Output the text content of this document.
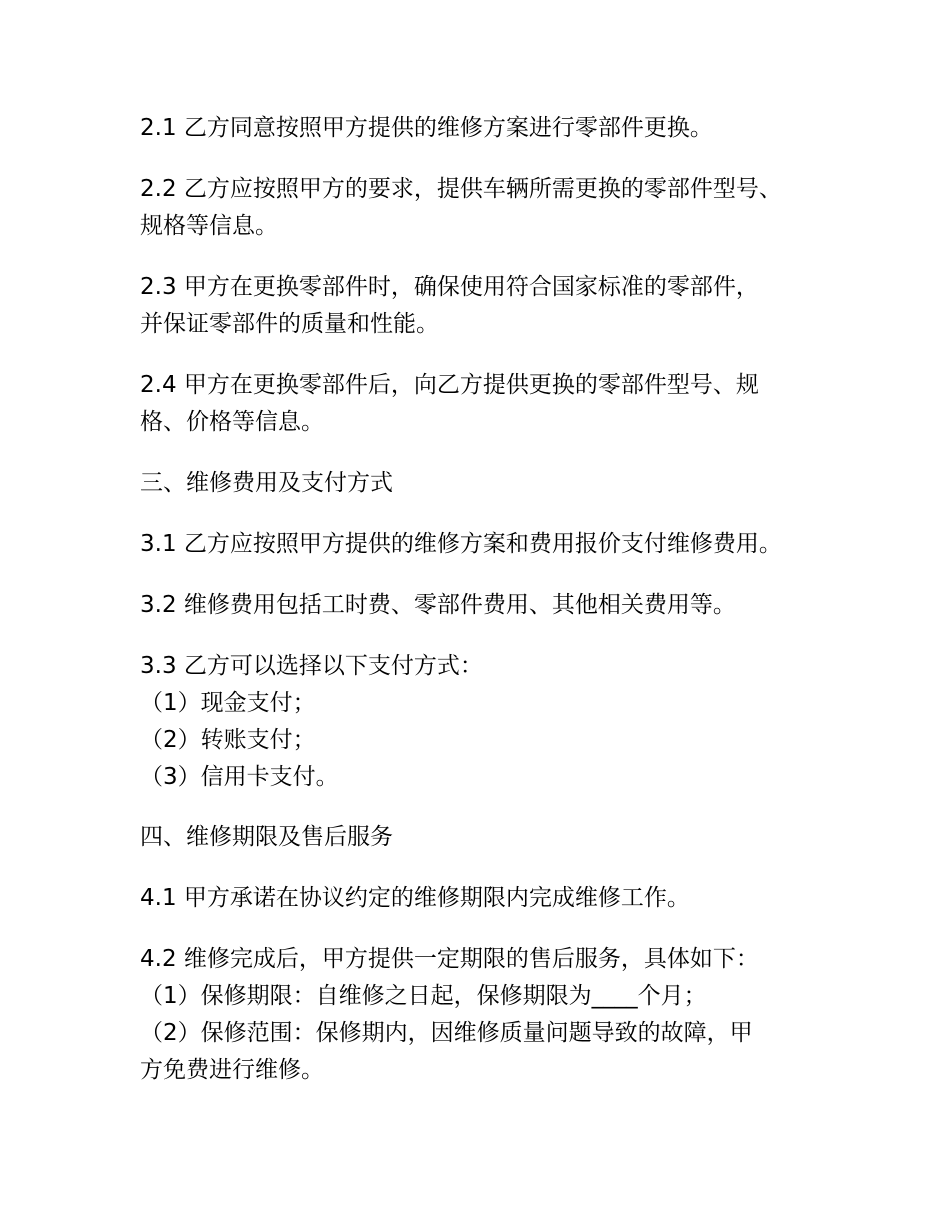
2.1 乙方同意按照甲方提供的维修方案进行零部件更换。

2.2 乙方应按照甲方的要求，提供车辆所需更换的零部件型号、
规格等信息。

2.3 甲方在更换零部件时，确保使用符合国家标准的零部件，
并保证零部件的质量和性能。

2.4 甲方在更换零部件后，向乙方提供更换的零部件型号、规
格、价格等信息。

三、维修费用及支付方式

3.1 乙方应按照甲方提供的维修方案和费用报价支付维修费用。

3.2 维修费用包括工时费、零部件费用、其他相关费用等。

3.3 乙方可以选择以下支付方式：
（1）现金支付；
（2）转账支付；
（3）信用卡支付。

四、维修期限及售后服务

4.1 甲方承诺在协议约定的维修期限内完成维修工作。

4.2 维修完成后，甲方提供一定期限的售后服务，具体如下：
（1）保修期限：自维修之日起，保修期限为____个月；
（2）保修范围：保修期内，因维修质量问题导致的故障，甲
方免费进行维修。
